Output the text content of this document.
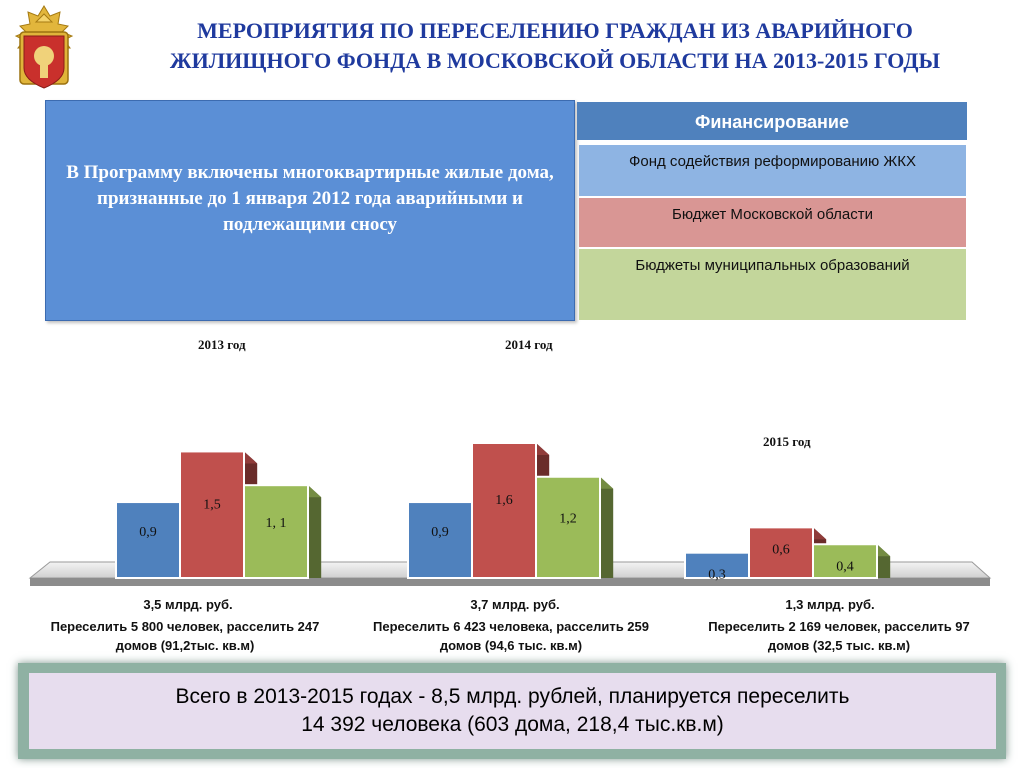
МЕРОПРИЯТИЯ ПО ПЕРЕСЕЛЕНИЮ ГРАЖДАН ИЗ АВАРИЙНОГО
ЖИЛИЩНОГО ФОНДА В МОСКОВСКОЙ ОБЛАСТИ НА 2013-2015 ГОДЫ
В Программу включены многоквартирные жилые дома, признанные до 1 января 2012 года аварийными и подлежащими сносу
Финансирование
Фонд содействия реформированию ЖКХ
Бюджет Московской области
Бюджеты муниципальных образований
0,9
1,5
1, 1
0,9
1,6
1,2
0,3
0,6
0,4
2013 год	2014 год
2015 год
3,5 млрд. руб.	3,7 млрд. руб.	1,3 млрд. руб.
Переселить 5 800 человек, расселить 247
домов (91,2тыс. кв.м)
Переселить 6 423 человека, расселить 259
домов (94,6 тыс. кв.м)
Переселить 2 169 человек, расселить 97
домов (32,5 тыс. кв.м)
Всего в 2013-2015 годах - 8,5 млрд. рублей, планируется переселить
14 392 человека (603 дома, 218,4 тыс.кв.м)
